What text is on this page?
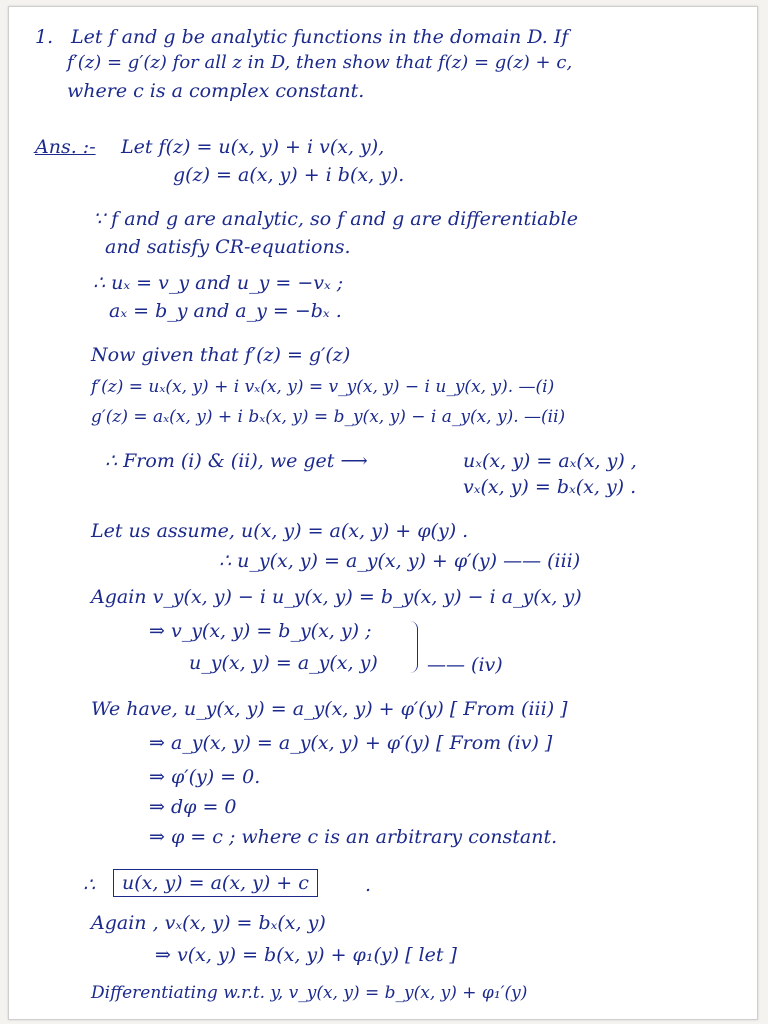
1. Let f and g be analytic functions in the domain D. If
f′(z) = g′(z) for all z in D, then show that f(z) = g(z) + c,
where c is a complex constant.
Ans. :- Let f(z) = u(x, y) + i v(x, y),
g(z) = a(x, y) + i b(x, y).
∵ f and g are analytic, so f and g are differentiable
and satisfy CR-equations.
∴ uₓ = v_y and u_y = −vₓ ;
aₓ = b_y and a_y = −bₓ .
Now given that f′(z) = g′(z)
f′(z) = uₓ(x, y) + i vₓ(x, y) = v_y(x, y) − i u_y(x, y). —(i)
g′(z) = aₓ(x, y) + i bₓ(x, y) = b_y(x, y) − i a_y(x, y). —(ii)
∴ From (i) & (ii), we get ⟶	uₓ(x, y) = aₓ(x, y) ,
vₓ(x, y) = bₓ(x, y) .
Let us assume, u(x, y) = a(x, y) + φ(y) .
∴ u_y(x, y) = a_y(x, y) + φ′(y) —— (iii)
Again v_y(x, y) − i u_y(x, y) = b_y(x, y) − i a_y(x, y)
⇒ v_y(x, y) = b_y(x, y) ;
u_y(x, y) = a_y(x, y)	—— (iv)
We have, u_y(x, y) = a_y(x, y) + φ′(y) [ From (iii) ]
⇒ a_y(x, y) = a_y(x, y) + φ′(y) [ From (iv) ]
⇒ φ′(y) = 0.
⇒ dφ = 0
⇒ φ = c ; where c is an arbitrary constant.
∴	u(x, y) = a(x, y) + c	.
Again , vₓ(x, y) = bₓ(x, y)
⇒ v(x, y) = b(x, y) + φ₁(y) [ let ]
Differentiating w.r.t. y, v_y(x, y) = b_y(x, y) + φ₁′(y)
